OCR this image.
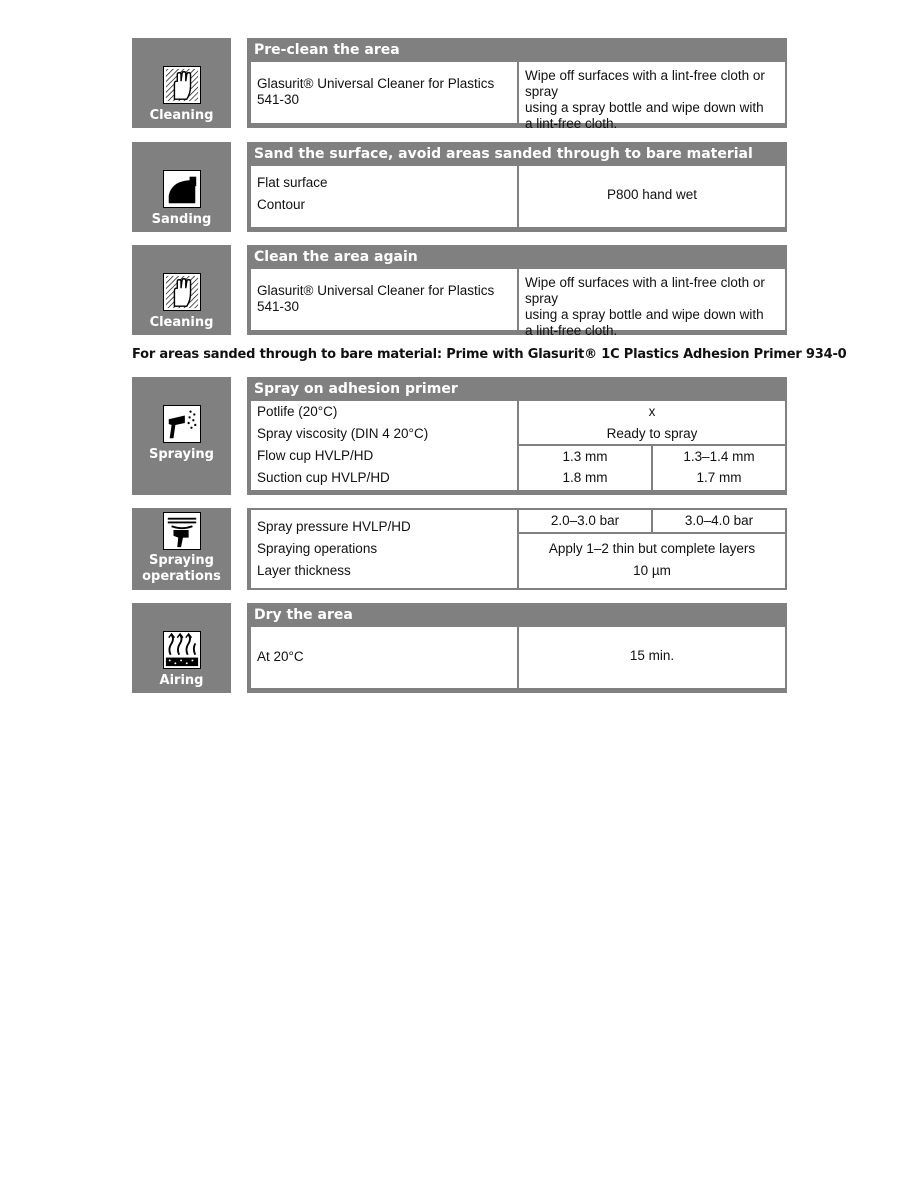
Cleaning
Pre-clean the area
Glasurit® Universal Cleaner for Plastics
541-30
Wipe off surfaces with a lint-free cloth or spray
using a spray bottle and wipe down with
a lint-free cloth.
Sanding
Sand the surface, avoid areas sanded through to bare material
Flat surface
Contour
P800 hand wet
Cleaning
Clean the area again
Glasurit® Universal Cleaner for Plastics
541-30
Wipe off surfaces with a lint-free cloth or spray
using a spray bottle and wipe down with
a lint-free cloth.
For areas sanded through to bare material: Prime with Glasurit® 1C Plastics Adhesion Primer 934-0
Spraying
Spray on adhesion primer
Potlife (20°C)
Spray viscosity (DIN 4 20°C)
Flow cup HVLP/HD
Suction cup HVLP/HD
x
Ready to spray
1.3 mm
1.8 mm
1.3–1.4 mm
1.7 mm
Spraying
operations
Spray pressure HVLP/HD
Spraying operations
Layer thickness
2.0–3.0 bar	3.0–4.0 bar
Apply 1–2 thin but complete layers
10 µm
Airing
Dry the area
At 20°C	15 min.
